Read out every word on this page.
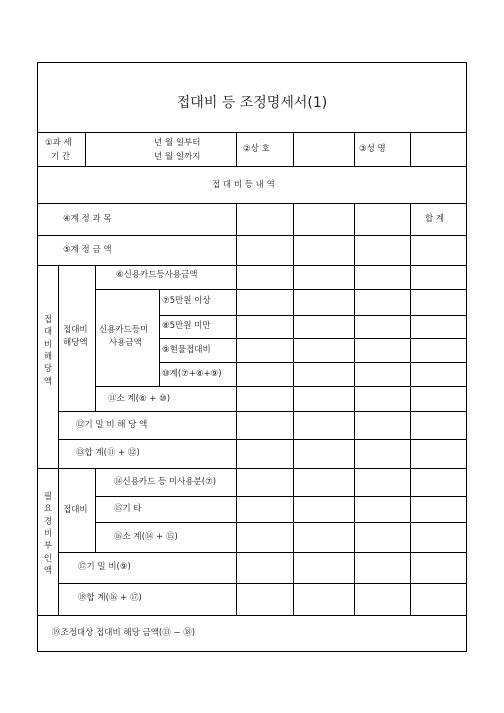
접대비 등 조정명세서(1)
①과 세
기 간
년 월 일부터
년 월 일까지
②상 호	③성 명
접 대 비 등 내 역
④계 정 과 목	합 계
⑤계 정 금 액
접
대
비
해
당
액
접대비
해당액
⑥신용카드등사용금액
신용카드등미
사용금액
⑦5만원 이상
⑧5만원 미만
⑨현물접대비
⑩계(⑦+⑧+⑨)
⑪소 계(⑥ + ⑩)
⑫기 밀 비 해 당 액
⑬합 계(⑪ + ⑫)
필
요
경
비
부
인
액
접대비
⑭신용카드 등 미사용분(⑦)
⑮기 타
⑯소 계(⑭ + ⑮)
⑰기 밀 비(⑨)
⑱합 계(⑯ + ⑰)
⑲조정대상 접대비 해당 금액(⑬ − ⑱)
